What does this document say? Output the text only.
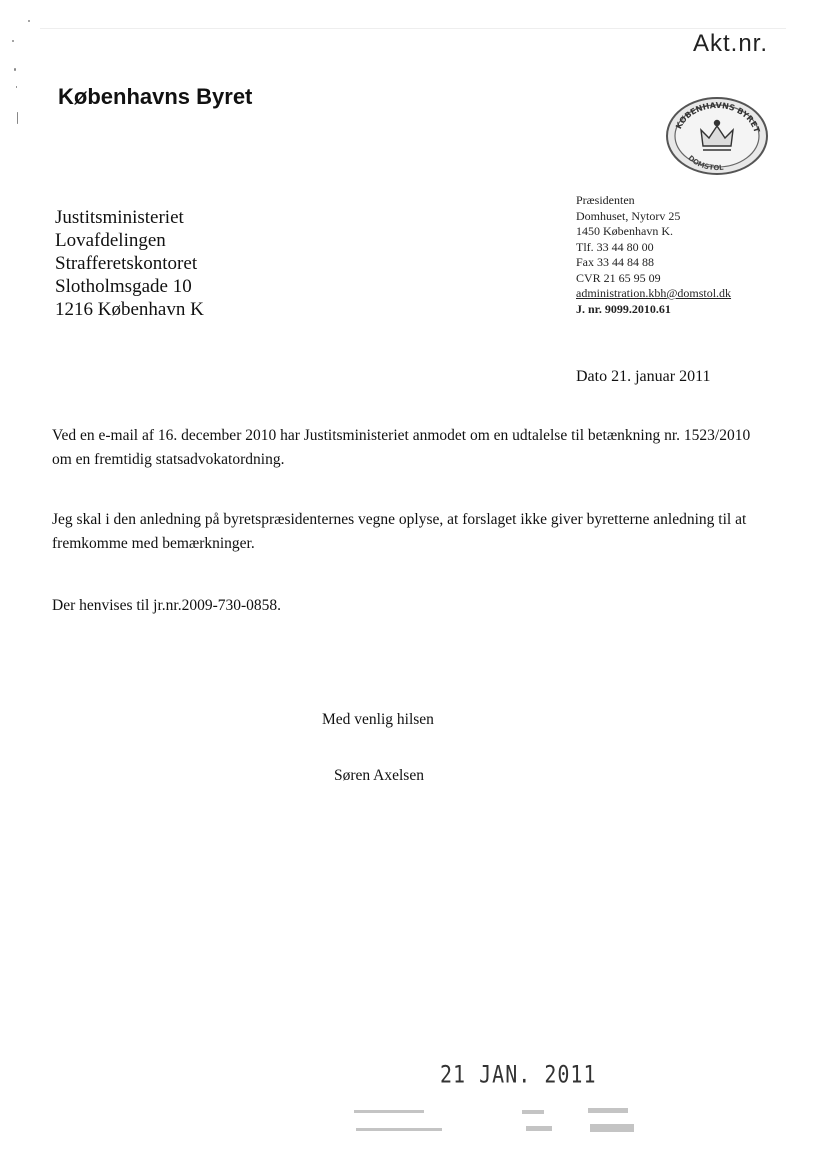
Akt.nr.
Københavns Byret
KØBENHAVNS BYRET
DOMSTOL
Justitsministeriet
Lovafdelingen
Strafferetskontoret
Slotholmsgade 10
1216 København K
Præsidenten
Domhuset, Nytorv 25
1450 København K.
Tlf. 33 44 80 00
Fax 33 44 84 88
CVR 21 65 95 09
administration.kbh@domstol.dk
J. nr. 9099.2010.61
Dato 21. januar 2011
Ved en e-mail af 16. december 2010 har Justitsministeriet anmodet om en udtalelse til betænkning nr. 1523/2010 om en fremtidig statsadvokatordning.
Jeg skal i den anledning på byretspræsidenternes vegne oplyse, at forslaget ikke giver byretterne anledning til at fremkomme med bemærkninger.
Der henvises til jr.nr.2009-730-0858.
Med venlig hilsen
Søren Axelsen
21 JAN. 2011
